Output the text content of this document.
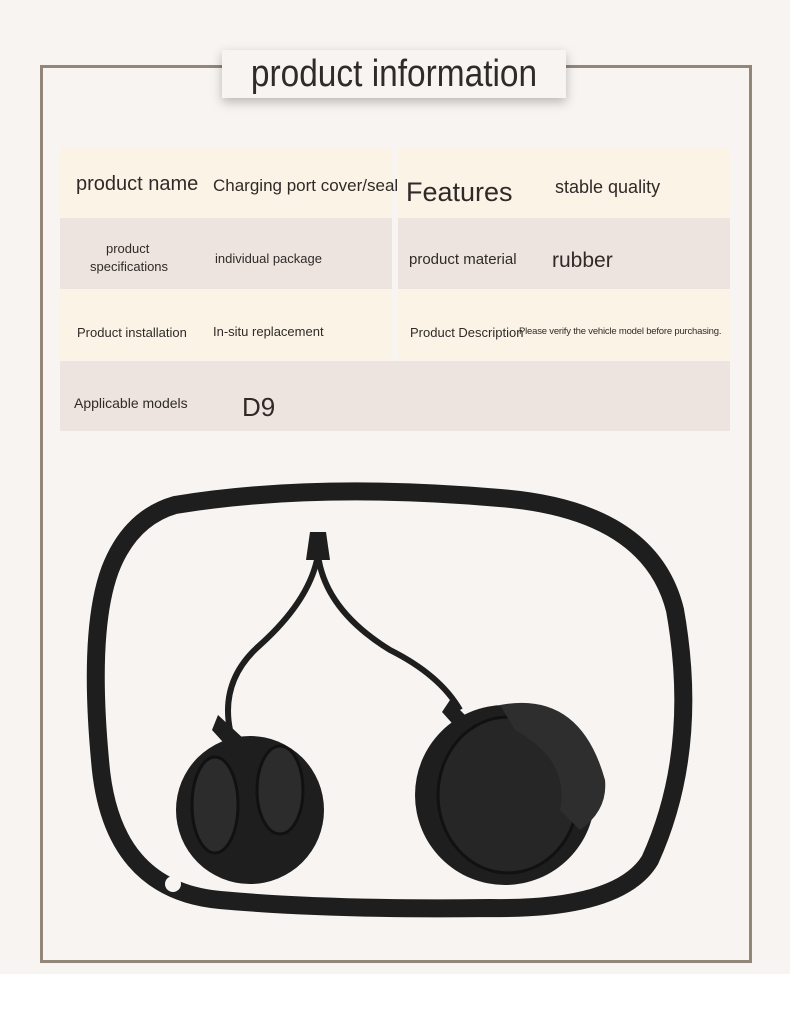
product information
product name Charging port cover/seal Features stable quality
product
specifications
individual package	product material rubber
Product installation In-situ replacement	Product Description
Please verify the vehicle model before purchasing.
Applicable models D9
